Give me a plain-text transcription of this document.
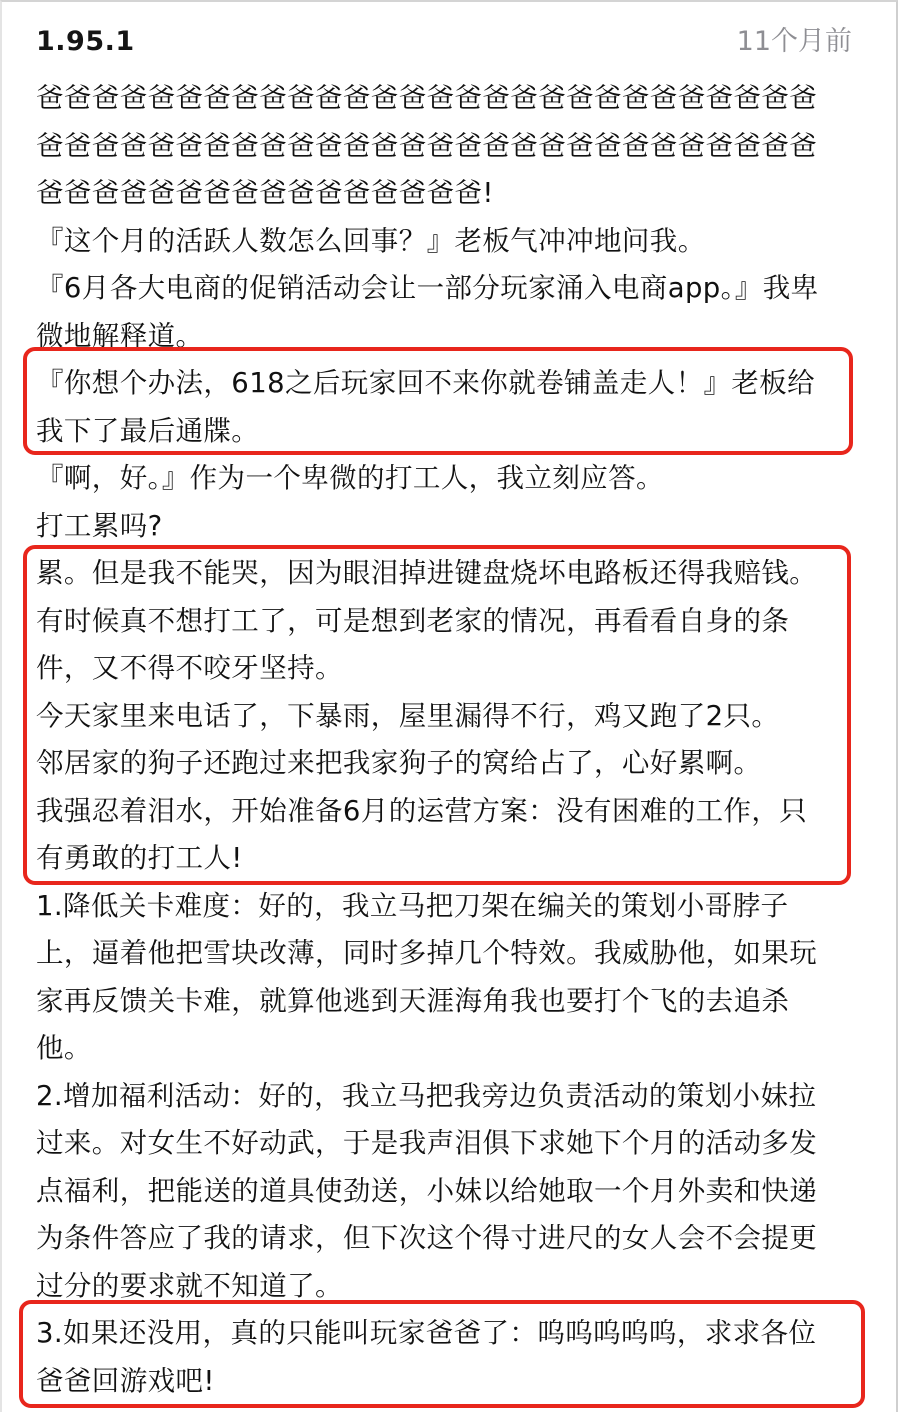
1.95.1	11个月前
爸爸爸爸爸爸爸爸爸爸爸爸爸爸爸爸爸爸爸爸爸爸爸爸爸爸爸爸
爸爸爸爸爸爸爸爸爸爸爸爸爸爸爸爸爸爸爸爸爸爸爸爸爸爸爸爸
爸爸爸爸爸爸爸爸爸爸爸爸爸爸爸爸!
『这个月的活跃人数怎么回事？』老板气冲冲地问我。
『6月各大电商的促销活动会让一部分玩家涌入电商app。』我卑
微地解释道。
『你想个办法，618之后玩家回不来你就卷铺盖走人！』老板给
我下了最后通牒。
『啊，好。』作为一个卑微的打工人，我立刻应答。
打工累吗?
累。但是我不能哭，因为眼泪掉进键盘烧坏电路板还得我赔钱。
有时候真不想打工了，可是想到老家的情况，再看看自身的条
件，又不得不咬牙坚持。
今天家里来电话了，下暴雨，屋里漏得不行，鸡又跑了2只。
邻居家的狗子还跑过来把我家狗子的窝给占了，心好累啊。
我强忍着泪水，开始准备6月的运营方案：没有困难的工作，只
有勇敢的打工人!
1.降低关卡难度：好的，我立马把刀架在编关的策划小哥脖子
上，逼着他把雪块改薄，同时多掉几个特效。我威胁他，如果玩
家再反馈关卡难，就算他逃到天涯海角我也要打个飞的去追杀
他。
2.增加福利活动：好的，我立马把我旁边负责活动的策划小妹拉
过来。对女生不好动武，于是我声泪俱下求她下个月的活动多发
点福利，把能送的道具使劲送，小妹以给她取一个月外卖和快递
为条件答应了我的请求，但下次这个得寸进尺的女人会不会提更
过分的要求就不知道了。
3.如果还没用，真的只能叫玩家爸爸了：呜呜呜呜呜，求求各位
爸爸回游戏吧!
